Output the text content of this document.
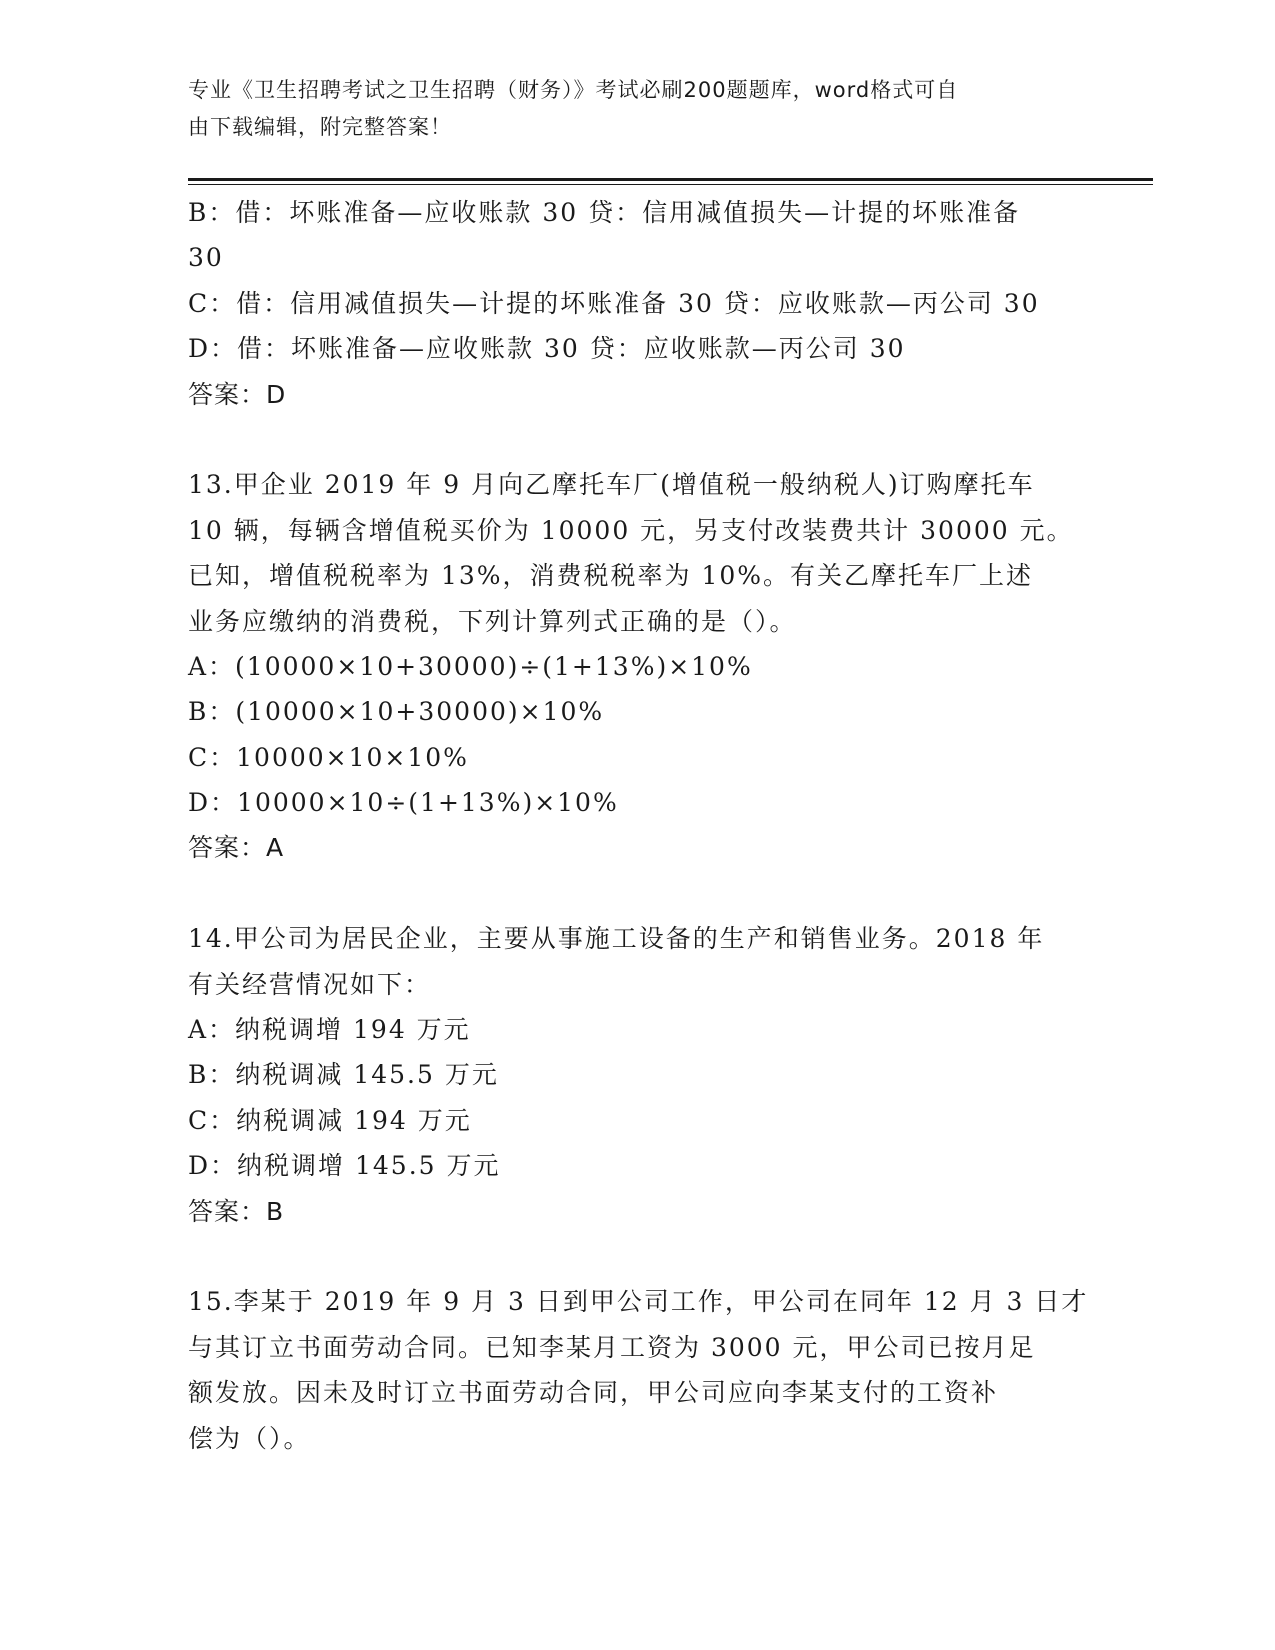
专业《卫生招聘考试之卫生招聘（财务）》考试必刷200题题库，word格式可自
由下载编辑，附完整答案！
B：借：坏账准备—应收账款 30 贷：信用减值损失—计提的坏账准备
30
C：借：信用减值损失—计提的坏账准备 30 贷：应收账款—丙公司 30
D：借：坏账准备—应收账款 30 贷：应收账款—丙公司 30
答案：D
13.甲企业 2019 年 9 月向乙摩托车厂(增值税一般纳税人)订购摩托车
10 辆，每辆含增值税买价为 10000 元，另支付改装费共计 30000 元。
已知，增值税税率为 13%，消费税税率为 10%。有关乙摩托车厂上述
业务应缴纳的消费税，下列计算列式正确的是（）。
A：(10000×10+30000)÷(1+13%)×10%
B：(10000×10+30000)×10%
C：10000×10×10%
D：10000×10÷(1+13%)×10%
答案：A
14.甲公司为居民企业，主要从事施工设备的生产和销售业务。2018 年
有关经营情况如下：
A：纳税调增 194 万元
B：纳税调减 145.5 万元
C：纳税调减 194 万元
D：纳税调增 145.5 万元
答案：B
15.李某于 2019 年 9 月 3 日到甲公司工作，甲公司在同年 12 月 3 日才
与其订立书面劳动合同。已知李某月工资为 3000 元，甲公司已按月足
额发放。因未及时订立书面劳动合同，甲公司应向李某支付的工资补
偿为（）。
